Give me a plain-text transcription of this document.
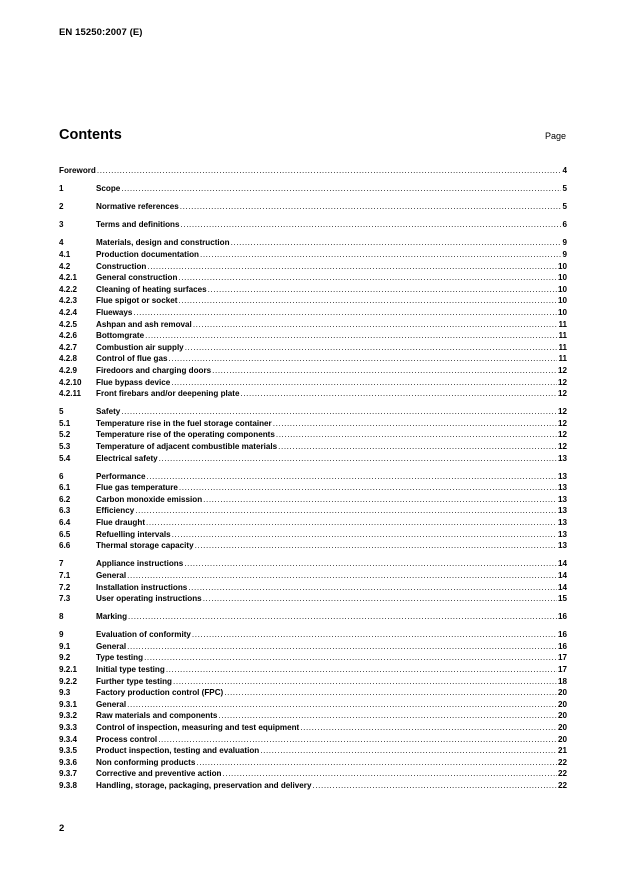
EN 15250:2007 (E)
Contents	Page
Foreword .....	4
1	Scope .....	5
2	Normative references .....	5
3	Terms and definitions .....	6
4	Materials, design and construction .....	9
4.1	Production documentation .....	9
4.2	Construction .....	10
4.2.1	General construction .....	10
4.2.2	Cleaning of heating surfaces .....	10
4.2.3	Flue spigot or socket .....	10
4.2.4	Flueways .....	10
4.2.5	Ashpan and ash removal .....	11
4.2.6	Bottomgrate .....	11
4.2.7	Combustion air supply .....	11
4.2.8	Control of flue gas .....	11
4.2.9	Firedoors and charging doors .....	12
4.2.10	Flue bypass device .....	12
4.2.11	Front firebars and/or deepening plate .....	12
5	Safety .....	12
5.1	Temperature rise in the fuel storage container .....	12
5.2	Temperature rise of the operating components .....	12
5.3	Temperature of adjacent combustible materials .....	12
5.4	Electrical safety .....	13
6	Performance .....	13
6.1	Flue gas temperature .....	13
6.2	Carbon monoxide emission .....	13
6.3	Efficiency .....	13
6.4	Flue draught .....	13
6.5	Refuelling intervals .....	13
6.6	Thermal storage capacity .....	13
7	Appliance instructions .....	14
7.1	General .....	14
7.2	Installation instructions .....	14
7.3	User operating instructions .....	15
8	Marking .....	16
9	Evaluation of conformity .....	16
9.1	General .....	16
9.2	Type testing .....	17
9.2.1	Initial type testing .....	17
9.2.2	Further type testing .....	18
9.3	Factory production control (FPC) .....	20
9.3.1	General .....	20
9.3.2	Raw materials and components .....	20
9.3.3	Control of inspection, measuring and test equipment .....	20
9.3.4	Process control .....	20
9.3.5	Product inspection, testing and evaluation .....	21
9.3.6	Non conforming products .....	22
9.3.7	Corrective and preventive action .....	22
9.3.8	Handling, storage, packaging, preservation and delivery .....	22
2
